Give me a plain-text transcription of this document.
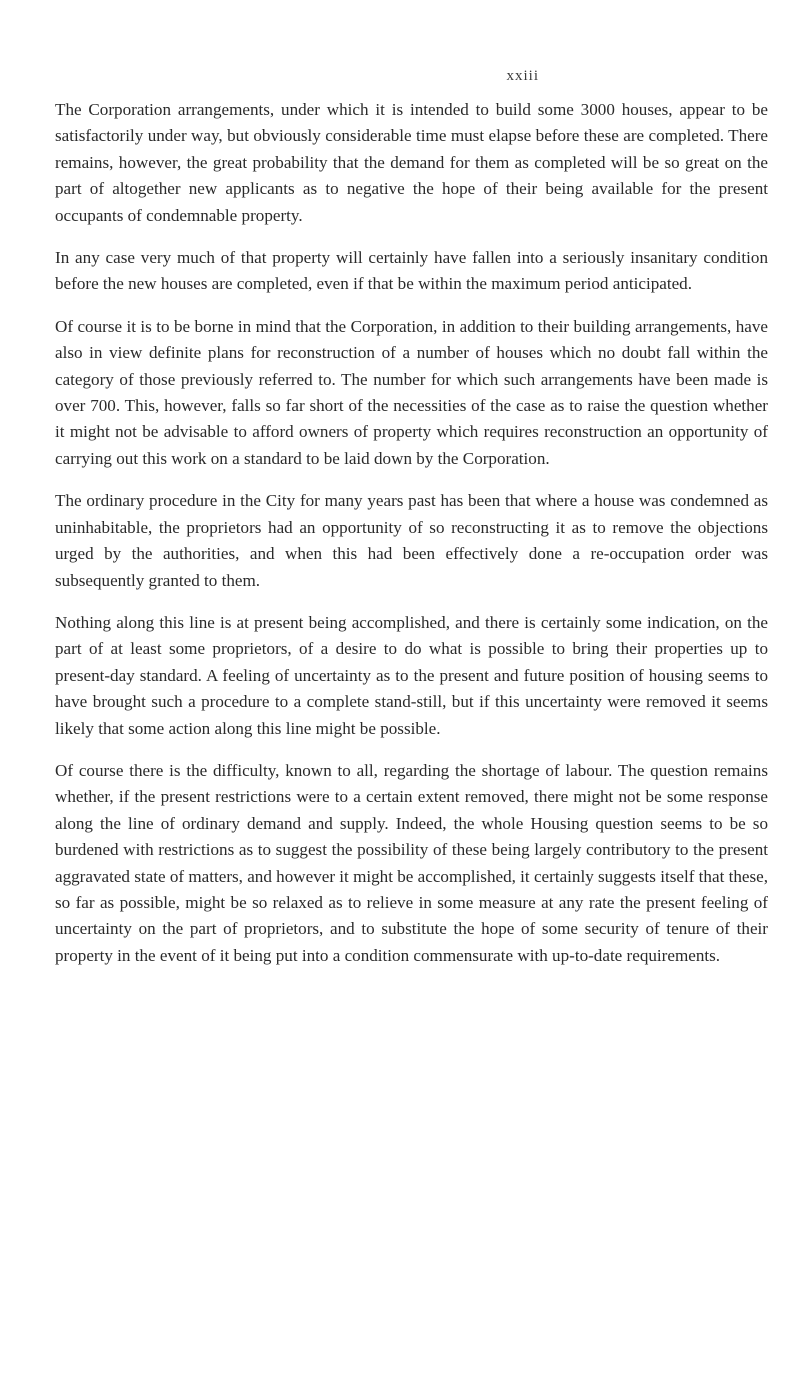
xxiii

The Corporation arrangements, under which it is intended to build some 3000 houses, appear to be satisfactorily under way, but obviously considerable time must elapse before these are completed. There remains, however, the great probability that the demand for them as completed will be so great on the part of altogether new applicants as to negative the hope of their being available for the present occupants of condemnable property.

In any case very much of that property will certainly have fallen into a seriously insanitary condition before the new houses are completed, even if that be within the maximum period anticipated.

Of course it is to be borne in mind that the Corporation, in addition to their building arrangements, have also in view definite plans for reconstruction of a number of houses which no doubt fall within the category of those previously referred to. The number for which such arrangements have been made is over 700. This, however, falls so far short of the necessities of the case as to raise the question whether it might not be advisable to afford owners of property which requires reconstruction an opportunity of carrying out this work on a standard to be laid down by the Corporation.

The ordinary procedure in the City for many years past has been that where a house was condemned as uninhabitable, the proprietors had an opportunity of so reconstructing it as to remove the objections urged by the authorities, and when this had been effectively done a re-occupation order was subsequently granted to them.

Nothing along this line is at present being accomplished, and there is certainly some indication, on the part of at least some proprietors, of a desire to do what is possible to bring their properties up to present-day standard. A feeling of uncertainty as to the present and future position of housing seems to have brought such a procedure to a complete stand-still, but if this uncertainty were removed it seems likely that some action along this line might be possible.

Of course there is the difficulty, known to all, regarding the shortage of labour. The question remains whether, if the present restrictions were to a certain extent removed, there might not be some response along the line of ordinary demand and supply. Indeed, the whole Housing question seems to be so burdened with restrictions as to suggest the possibility of these being largely contributory to the present aggravated state of matters, and however it might be accomplished, it certainly suggests itself that these, so far as possible, might be so relaxed as to relieve in some measure at any rate the present feeling of uncertainty on the part of proprietors, and to substitute the hope of some security of tenure of their property in the event of it being put into a condition commensurate with up-to-date requirements.
